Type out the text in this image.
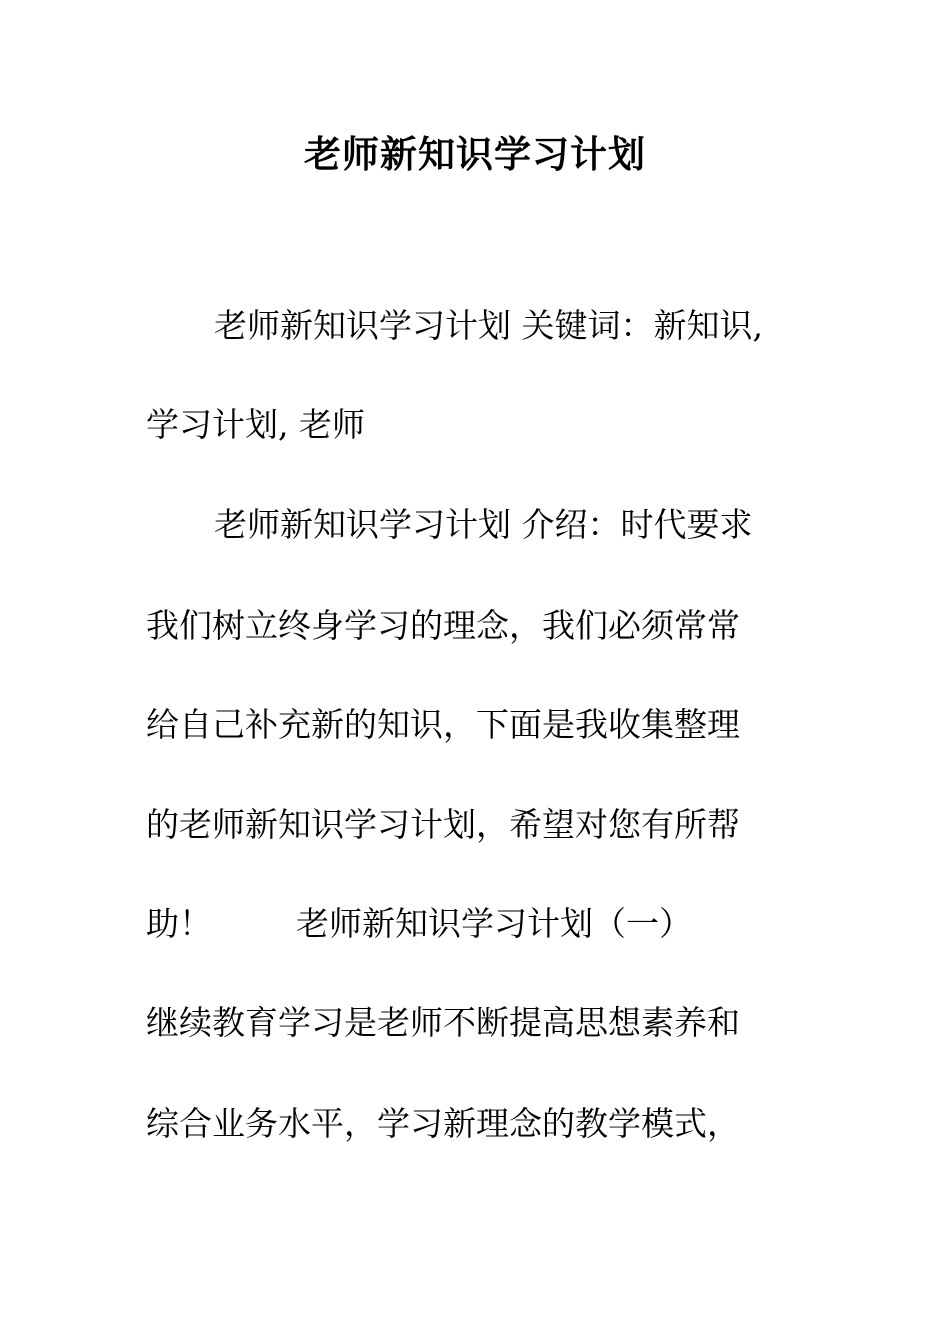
老师新知识学习计划
老师新知识学习计划 关键词：新知识,
学习计划, 老师
老师新知识学习计划 介绍：时代要求
我们树立终身学习的理念，我们必须常常
给自己补充新的知识，下面是我收集整理
的老师新知识学习计划，希望对您有所帮
助！	老师新知识学习计划（一）
继续教育学习是老师不断提高思想素养和
综合业务水平，学习新理念的教学模式，
